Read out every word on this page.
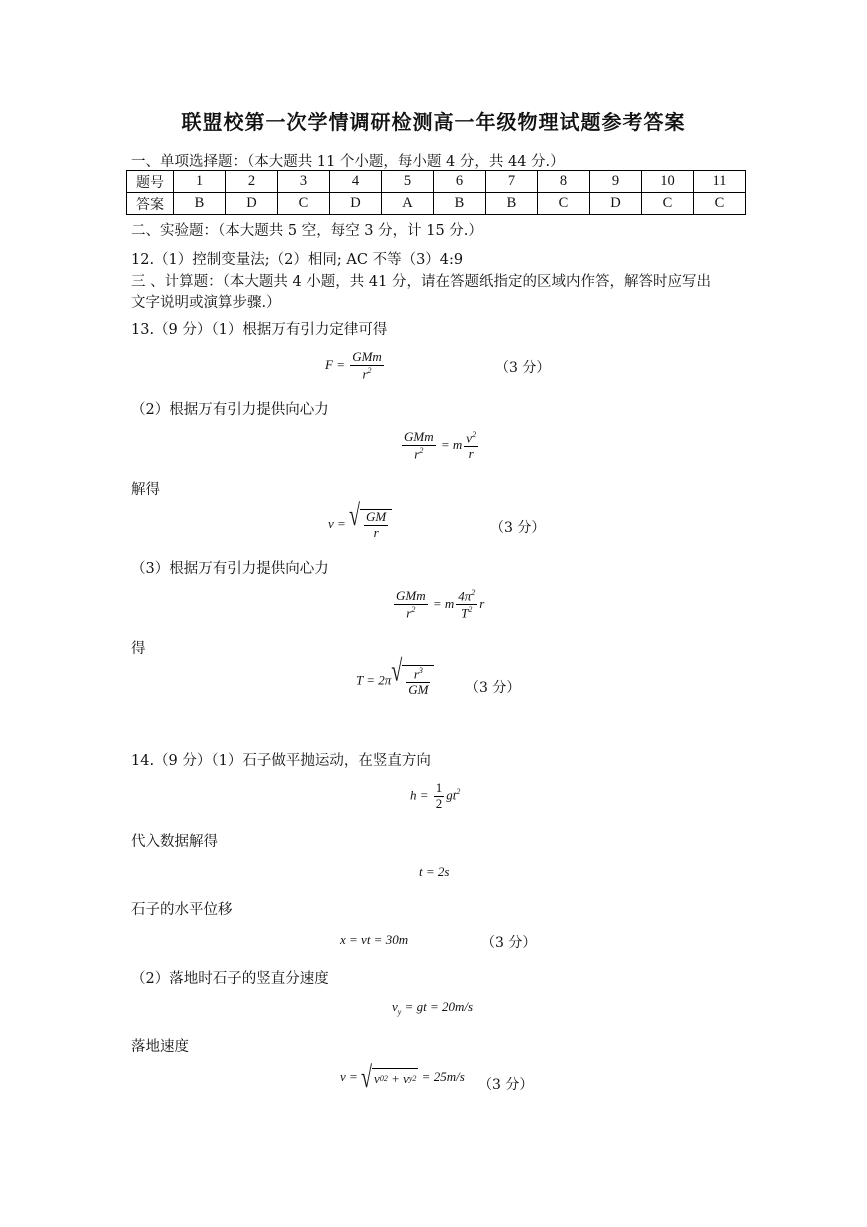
联盟校第一次学情调研检测高一年级物理试题参考答案
一、单项选择题：（本大题共 11 个小题，每小题 4 分，共 44 分.）
题号	1	2	3	4	5	6	7	8	9	10	11
答案	B	D	C	D	A	B	B	C	D	C	C
二、实验题：（本大题共 5 空，每空 3 分，计 15 分.）
12.（1）控制变量法;（2）相同; AC 不等（3）4:9
三 、计算题：（本大题共 4 小题，共 41 分，请在答题纸指定的区域内作答，解答时应写出
文字说明或演算步骤.）
13.（9 分）（1）根据万有引力定律可得
$F = \frac{\text{GMm}}{r^2}$	（3 分）
（2）根据万有引力提供向心力
$\frac{\text{GMm}}{r^2} = m \frac{v^2}{r}$
解得
v = √ $\frac{GM}{r}$	（3 分）
（3）根据万有引力提供向心力
$\frac{\text{GMm}}{r^2} = m \frac{4\pi^2}{T^2}$ r
得
T = 2π √ $\frac{r^3}{GM} (3$ 分）
14.（9 分）（1）石子做平抛运动，在竖直方向
$h = \frac{1}{2} gt^2$
代入数据解得
t = 2s
石子的水平位移
x = vt = 30m	（3 分）
（2）落地时石子的竖直分速度
$v_y$ = gt = 20m/s
落地速度
v = √ v 0 2 + v y 2 = 25m/s
（3 分）
